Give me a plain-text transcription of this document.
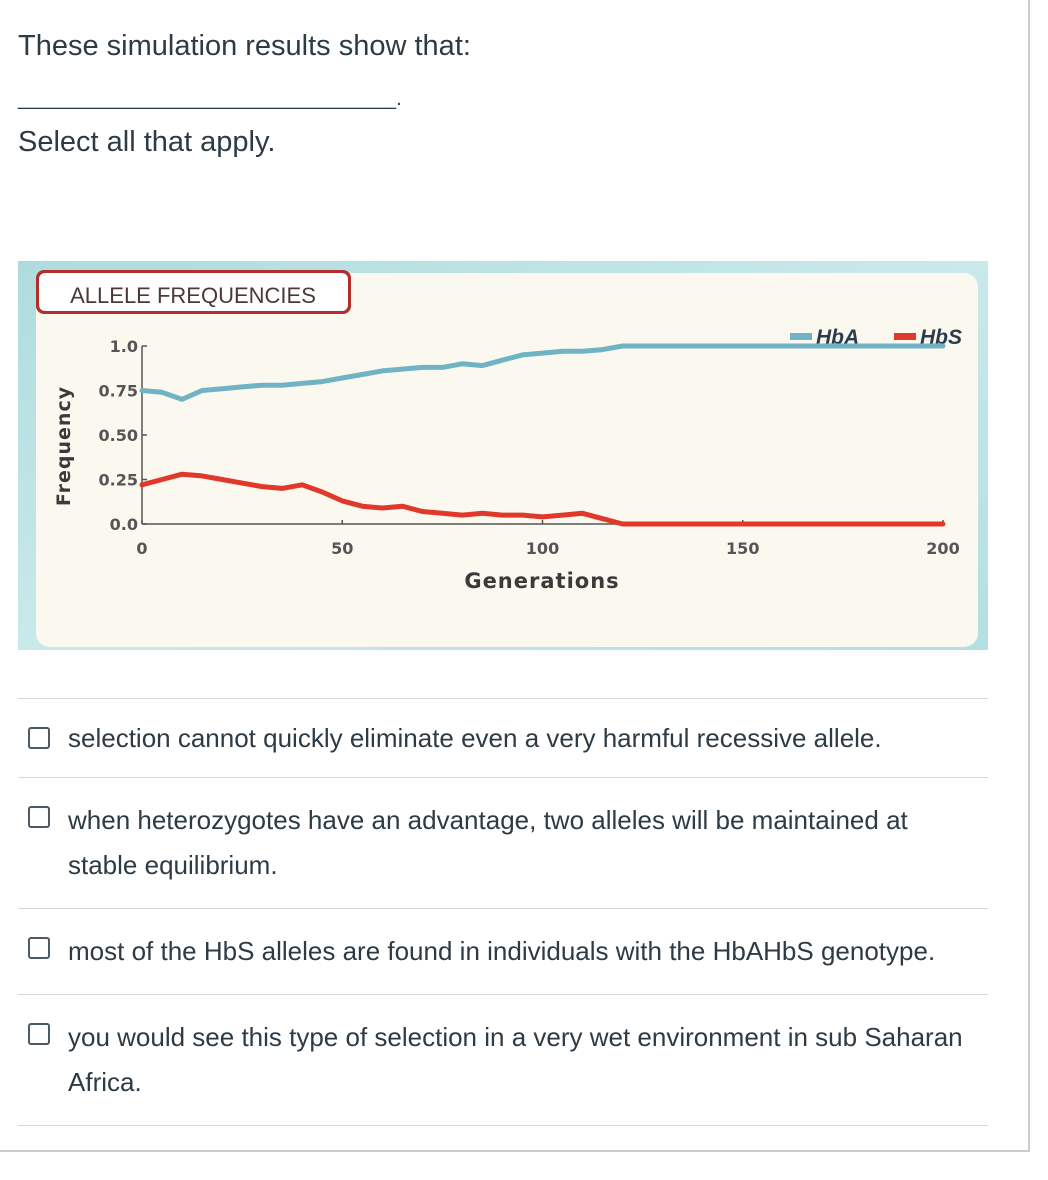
These simulation results show that:

__________________________________.
Select all that apply.
ALLELE FREQUENCIES
HbA	HbS
0.0
0.25
0.50
0.75
1.0
0	50	100	150	200
Generations
Frequency
selection cannot quickly eliminate even a very harmful recessive allele.
when heterozygotes have an advantage, two alleles will be maintained at stable equilibrium.
most of the HbS alleles are found in individuals with the HbAHbS genotype.
you would see this type of selection in a very wet environment in sub Saharan Africa.
